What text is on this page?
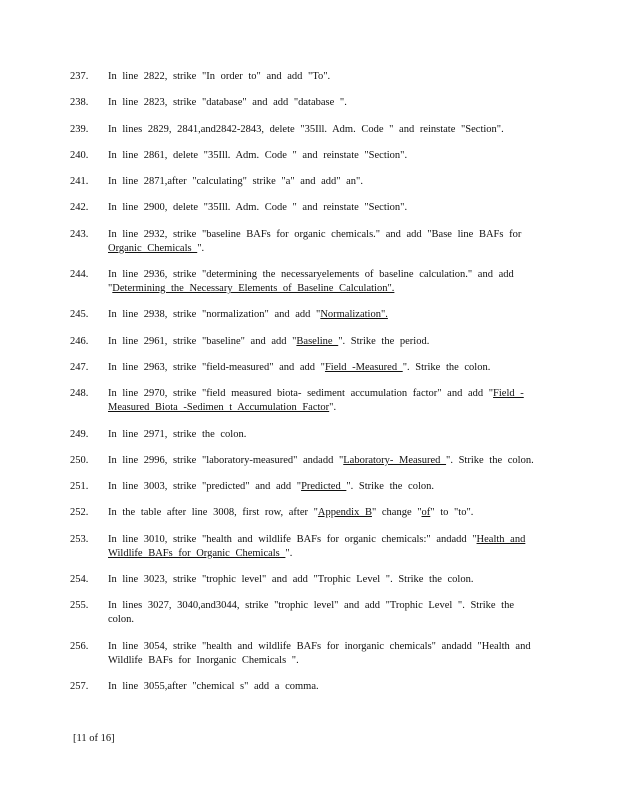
237.	In line 2822, strike "In order to" and add "To".
238.	In line 2823, strike "database" and add "database ".
239.	In lines 2829, 2841,and2842-2843, delete "35Ill. Adm. Code " and reinstate "Section".
240.	In line 2861, delete "35Ill. Adm. Code " and reinstate "Section".
241.	In line 2871,after "calculating" strike "a" and add" an".
242.	In line 2900, delete "35Ill. Adm. Code " and reinstate "Section".
243.	In line 2932, strike "baseline BAFs for organic chemicals." and add "Base line BAFs for Organic Chemicals ".
244.	In line 2936, strike "determining the necessaryelements of baseline calculation." and add "Determining the Necessary Elements of Baseline Calculation".
245.	In line 2938, strike "normalization" and add "Normalization".
246.	In line 2961, strike "baseline" and add "Baseline ". Strike the period.
247.	In line 2963, strike "field-measured" and add "Field -Measured ". Strike the colon.
248.	In line 2970, strike "field measured biota- sediment accumulation factor" and add "Field - Measured Biota -Sedimen t Accumulation Factor".
249.	In line 2971, strike the colon.
250.	In line 2996, strike "laboratory-measured" andadd "Laboratory- Measured ". Strike the colon.
251.	In line 3003, strike "predicted" and add "Predicted ". Strike the colon.
252.	In the table after line 3008, first row, after "Appendix B" change "of" to "to".
253.	In line 3010, strike "health and wildlife BAFs for organic chemicals:" andadd "Health and Wildlife BAFs for Organic Chemicals ".
254.	In line 3023, strike "trophic level" and add "Trophic Level ". Strike the colon.
255.	In lines 3027, 3040,and3044, strike "trophic level" and add "Trophic Level ". Strike the colon.
256.	In line 3054, strike "health and wildlife BAFs for inorganic chemicals" andadd "Health and Wildlife BAFs for Inorganic Chemicals ".
257.	In line 3055,after "chemical s" add a comma.
[11 of 16]
